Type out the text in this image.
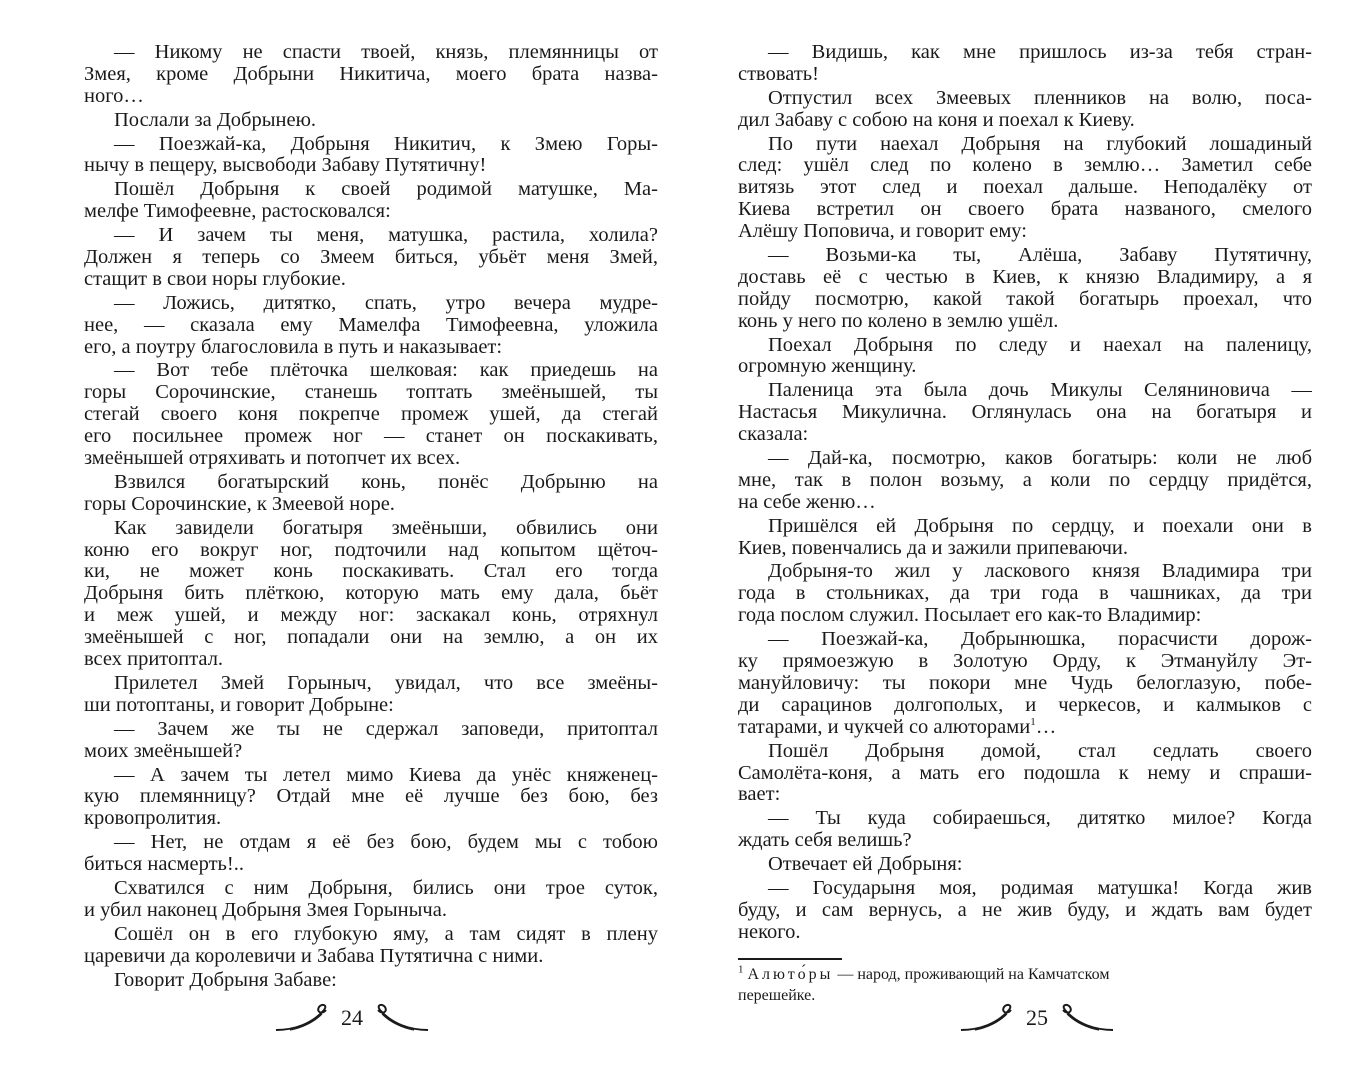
— Никому не спасти твоей, князь, племянницы от
Змея, кроме Добрыни Никитича, моего брата назва-
ного…
Послали за Добрынею.
— Поезжай-ка, Добрыня Никитич, к Змею Горы-
нычу в пещеру, высвободи Забаву Путятичну!
Пошёл Добрыня к своей родимой матушке, Ма-
мелфе Тимофеевне, растосковался:
— И зачем ты меня, матушка, растила, холила?
Должен я теперь со Змеем биться, убьёт меня Змей,
стащит в свои норы глубокие.
— Ложись, дитятко, спать, утро вечера мудре-
нее, — сказала ему Мамелфа Тимофеевна, уложила
его, а поутру благословила в путь и наказывает:
— Вот тебе плёточка шелковая: как приедешь на
горы Сорочинские, станешь топтать змеёнышей, ты
стегай своего коня покрепче промеж ушей, да стегай
его посильнее промеж ног — станет он поскакивать,
змеёнышей отряхивать и потопчет их всех.
Взвился богатырский конь, понёс Добрыню на
горы Сорочинские, к Змеевой норе.
Как завидели богатыря змеёныши, обвились они
коню его вокруг ног, подточили над копытом щёточ-
ки, не может конь поскакивать. Стал его тогда
Добрыня бить плёткою, которую мать ему дала, бьёт
и меж ушей, и между ног: заскакал конь, отряхнул
змеёнышей с ног, попадали они на землю, а он их
всех притоптал.
Прилетел Змей Горыныч, увидал, что все змеёны-
ши потоптаны, и говорит Добрыне:
— Зачем же ты не сдержал заповеди, притоптал
моих змеёнышей?
— А зачем ты летел мимо Киева да унёс княженец-
кую племянницу? Отдай мне её лучше без бою, без
кровопролития.
— Нет, не отдам я её без бою, будем мы с тобою
биться насмерть!..
Схватился с ним Добрыня, бились они трое суток,
и убил наконец Добрыня Змея Горыныча.
Сошёл он в его глубокую яму, а там сидят в плену
царевичи да королевичи и Забава Путятична с ними.
Говорит Добрыня Забаве:
— Видишь, как мне пришлось из-за тебя стран-
ствовать!
Отпустил всех Змеевых пленников на волю, поса-
дил Забаву с собою на коня и поехал к Киеву.
По пути наехал Добрыня на глубокий лошадиный
след: ушёл след по колено в землю… Заметил себе
витязь этот след и поехал дальше. Неподалёку от
Киева встретил он своего брата названого, смелого
Алёшу Поповича, и говорит ему:
— Возьми-ка ты, Алёша, Забаву Путятичну,
доставь её с честью в Киев, к князю Владимиру, а я
пойду посмотрю, какой такой богатырь проехал, что
конь у него по колено в землю ушёл.
Поехал Добрыня по следу и наехал на паленицу,
огромную женщину.
Паленица эта была дочь Микулы Селяниновича —
Настасья Микулична. Оглянулась она на богатыря и
сказала:
— Дай-ка, посмотрю, каков богатырь: коли не люб
мне, так в полон возьму, а коли по сердцу придётся,
на себе женю…
Пришёлся ей Добрыня по сердцу, и поехали они в
Киев, повенчались да и зажили припеваючи.
Добрыня-то жил у ласкового князя Владимира три
года в стольниках, да три года в чашниках, да три
года послом служил. Посылает его как-то Владимир:
— Поезжай-ка, Добрынюшка, порасчисти дорож-
ку прямоезжую в Золотую Орду, к Этмануйлу Эт-
мануйловичу: ты покори мне Чудь белоглазую, побе-
ди сарацинов долгополых, и черкесов, и калмыков с
татарами, и чукчей со алюторами$^1$…
Пошёл Добрыня домой, стал седлать своего
Самолёта-коня, а мать его подошла к нему и спраши-
вает:
— Ты куда собираешься, дитятко милое? Когда
ждать себя велишь?
Отвечает ей Добрыня:
— Государыня моя, родимая матушка! Когда жив
буду, и сам вернусь, а не жив буду, и ждать вам будет
некого.
$^1$ Алюто́ры — народ, проживающий на Камчатском
перешейке.
24	25
